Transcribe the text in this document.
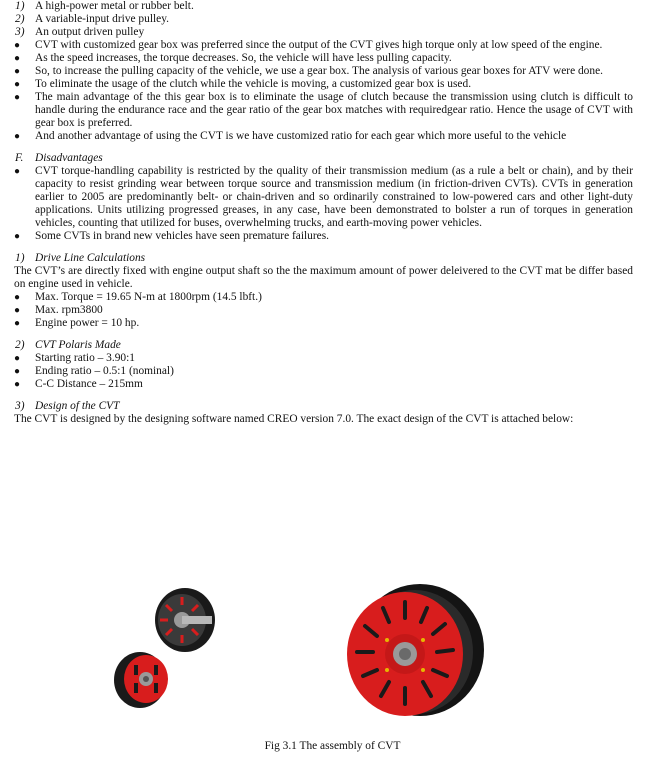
1) A high-power metal or rubber belt.

2) A variable-input drive pulley.

3) An output driven pulley

● CVT with customized gear box was preferred since the output of the CVT gives high torque only at low speed of the engine.

● As the speed increases, the torque decreases. So, the vehicle will have less pulling capacity.

● So, to increase the pulling capacity of the vehicle, we use a gear box. The analysis of various gear boxes for ATV were done.

● To eliminate the usage of the clutch while the vehicle is moving, a customized gear box is used.

● The main advantage of the this gear box is to eliminate the usage of clutch because the transmission using clutch is difficult to handle during the endurance race and the gear ratio of the gear box matches with requiredgear ratio. Hence the usage of CVT with gear box is preferred.

● And another advantage of using the CVT is we have customized ratio for each gear which more useful to the vehicle

F. Disadvantages

● CVT torque-handling capability is restricted by the quality of their transmission medium (as a rule a belt or chain), and by their capacity to resist grinding wear between torque source and transmission medium (in friction-driven CVTs). CVTs in generation earlier to 2005 are predominantly belt- or chain-driven and so ordinarily constrained to low-powered cars and other light-duty applications. Units utilizing progressed greases, in any case, have been demonstrated to bolster a run of torques in generation vehicles, counting that utilized for buses, overwhelming trucks, and earth-moving power vehicles.

● Some CVTs in brand new vehicles have seen premature failures.

1) Drive Line Calculations

The CVT’s are directly fixed with engine output shaft so the the maximum amount of power deleivered to the CVT mat be differ based on engine used in vehicle.

● Max. Torque = 19.65 N-m at 1800rpm (14.5 lbft.)

● Max. rpm3800

● Engine power = 10 hp.

2) CVT Polaris Made

● Starting ratio – 3.90:1

● Ending ratio – 0.5:1 (nominal)

● C-C Distance – 215mm

3) Design of the CVT

The CVT is designed by the designing software named CREO version 7.0. The exact design of the CVT is attached below:

Fig 3.1 The assembly of CVT
